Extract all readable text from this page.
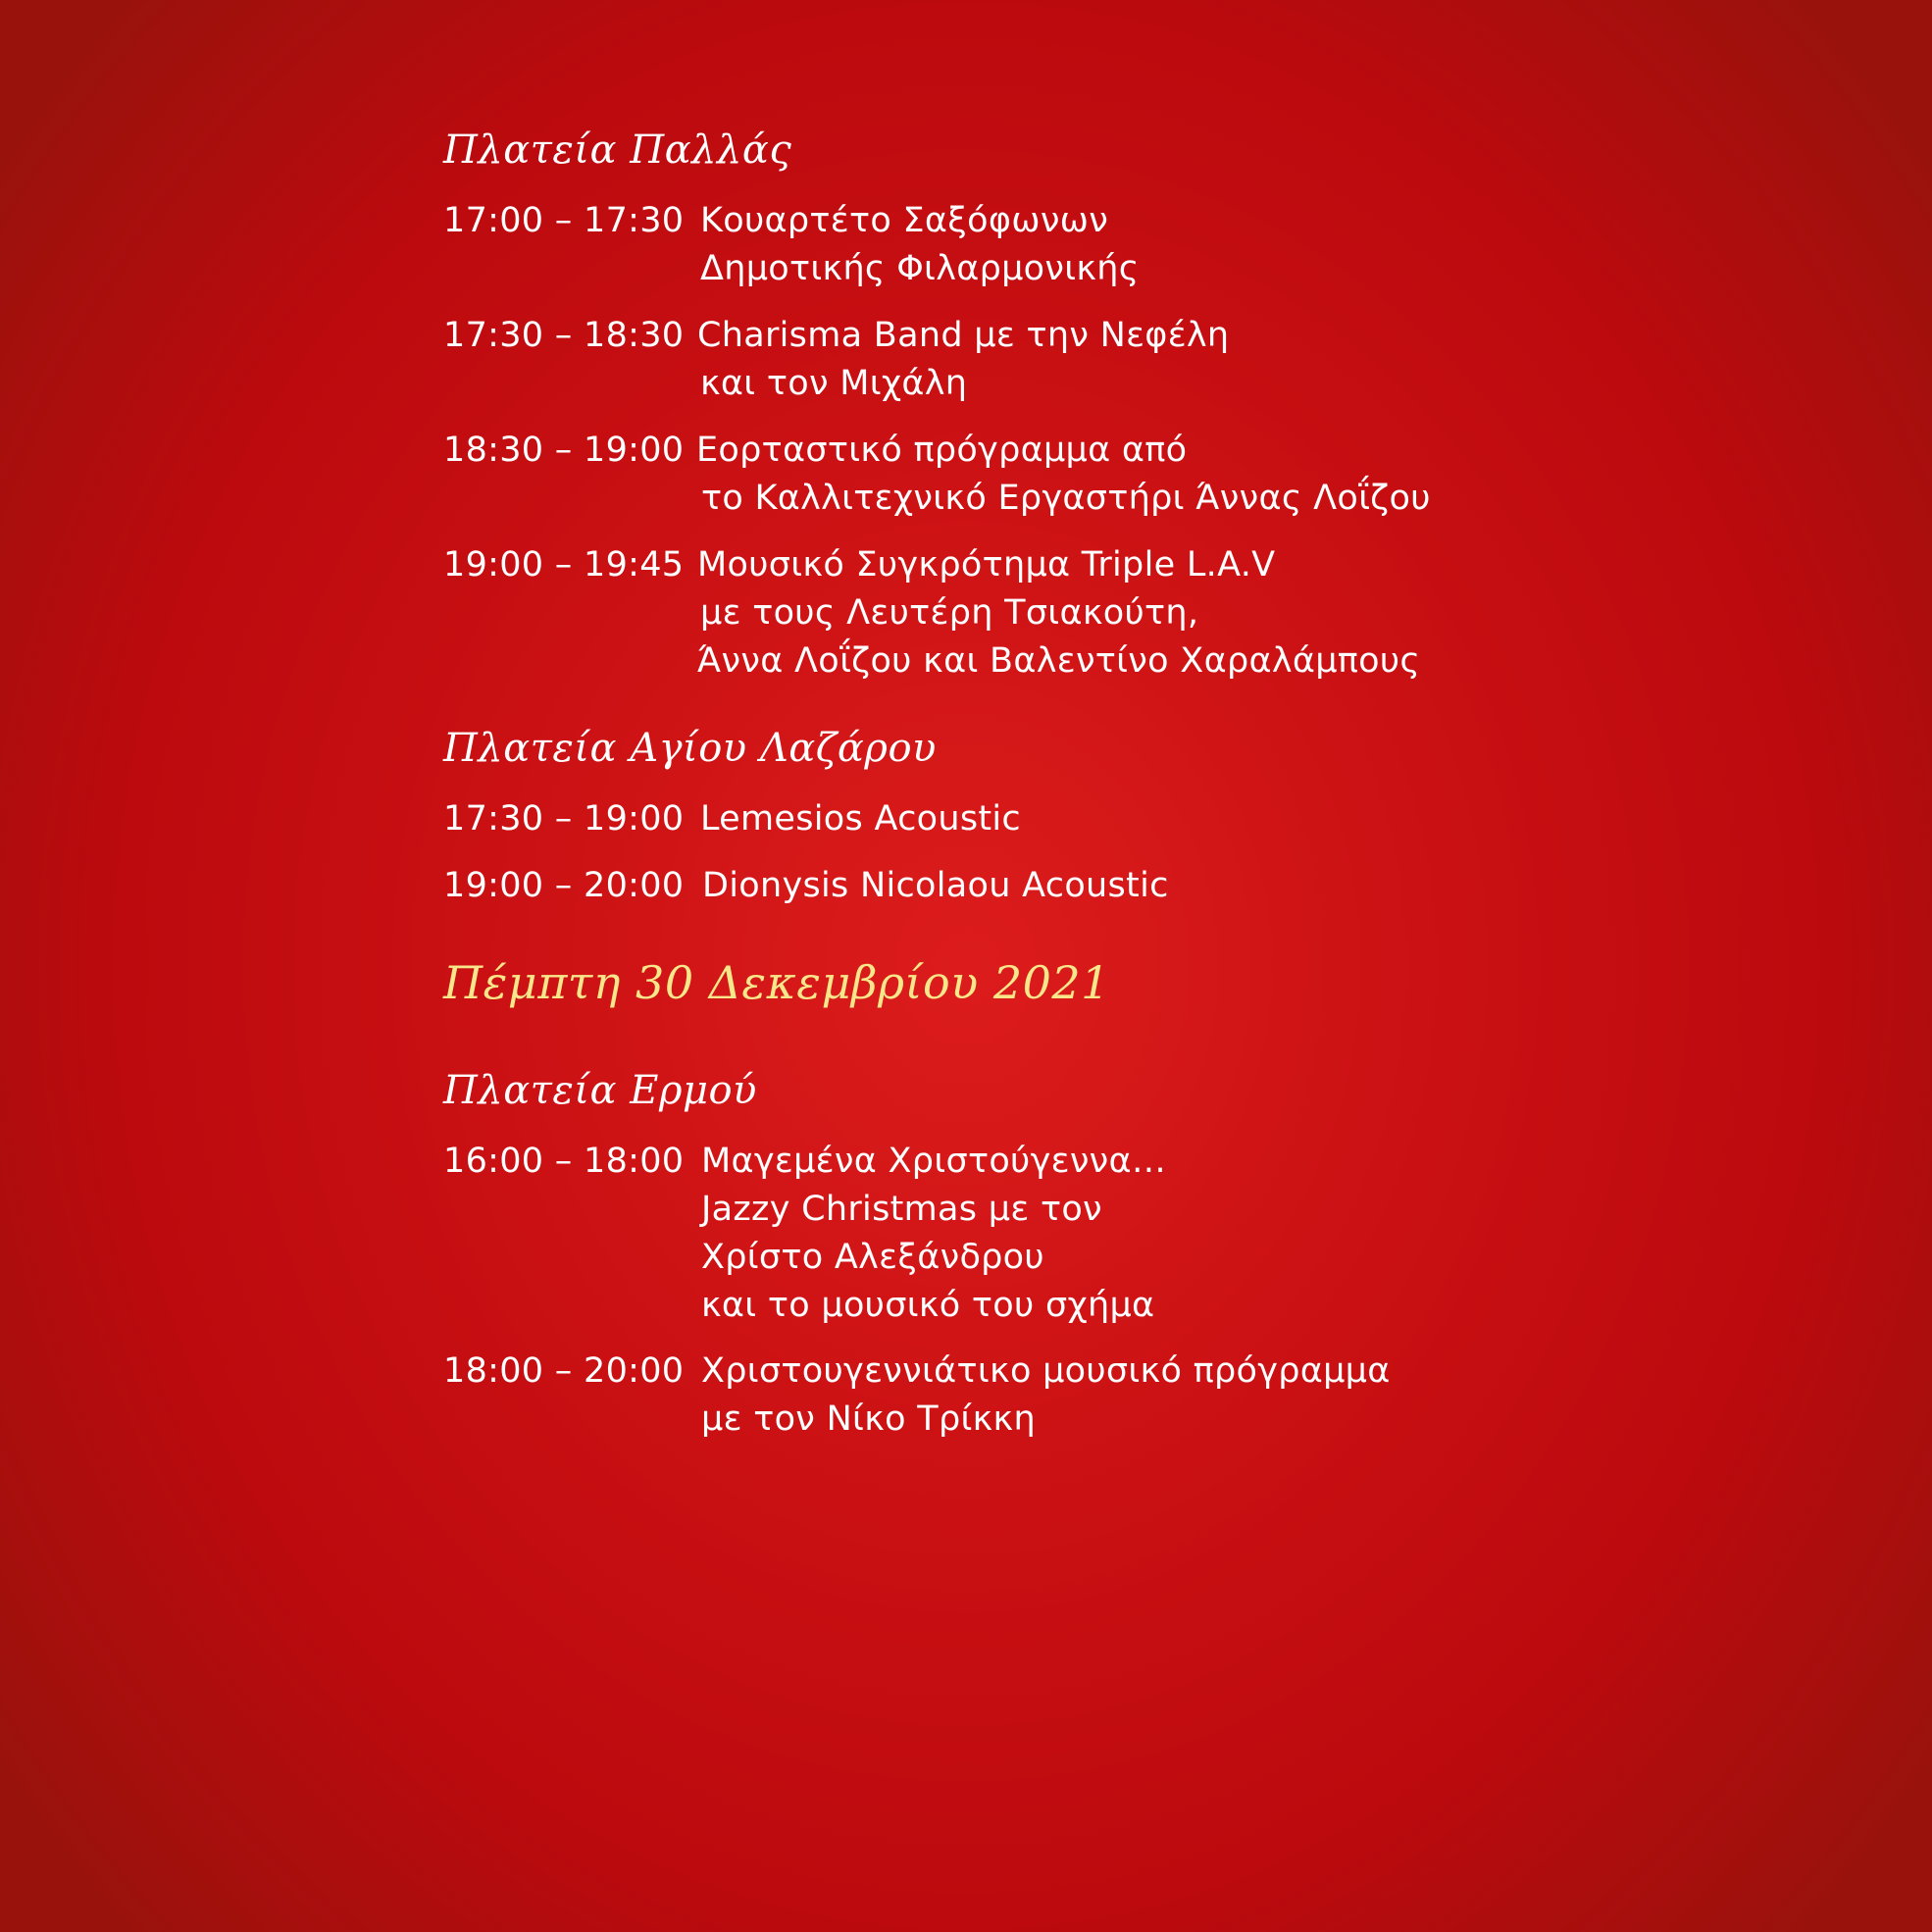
Πλατεία Παλλάς
17:00 – 17:30 Κουαρτέτο Σαξόφωνων
Δημοτικής Φιλαρμονικής
17:30 – 18:30 Charisma Band με την Νεφέλη
και τον Μιχάλη
18:30 – 19:00 Εορταστικό πρόγραμμα από
το Καλλιτεχνικό Εργαστήρι Άννας Λοΐζου
19:00 – 19:45 Μουσικό Συγκρότημα Triple L.A.V
με τους Λευτέρη Τσιακούτη,
Άννα Λοΐζου και Βαλεντίνο Χαραλάμπους
Πλατεία Αγίου Λαζάρου
17:30 – 19:00 Lemesios Acoustic
19:00 – 20:00 Dionysis Nicolaou Acoustic
Πέμπτη 30 Δεκεμβρίου 2021
Πλατεία Ερμού
16:00 – 18:00 Μαγεμένα Χριστούγεννα…
Jazzy Christmas με τον
Χρίστο Αλεξάνδρου
και το μουσικό του σχήμα
18:00 – 20:00 Χριστουγεννιάτικο μουσικό πρόγραμμα
με τον Νίκο Τρίκκη
